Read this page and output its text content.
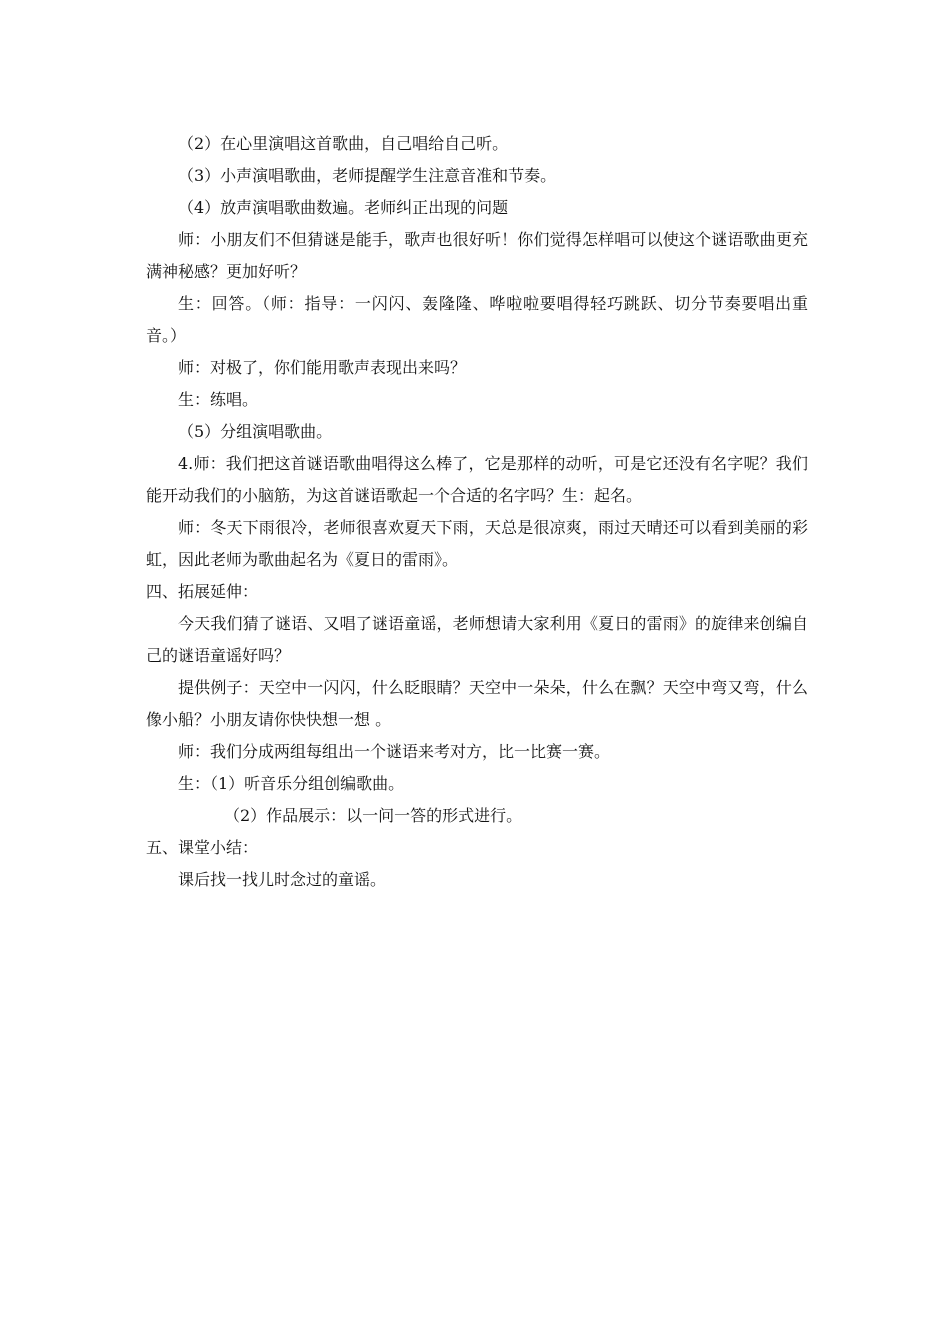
（2）在心里演唱这首歌曲，自己唱给自己听。

（3）小声演唱歌曲，老师提醒学生注意音准和节奏。

（4）放声演唱歌曲数遍。老师纠正出现的问题

师：小朋友们不但猜谜是能手，歌声也很好听！你们觉得怎样唱可以使这个谜语歌曲更充满神秘感？更加好听？

生：回答。（师：指导：一闪闪、轰隆隆、哗啦啦要唱得轻巧跳跃、切分节奏要唱出重音。）

师：对极了，你们能用歌声表现出来吗？

生：练唱。

（5）分组演唱歌曲。

4.师：我们把这首谜语歌曲唱得这么棒了，它是那样的动听，可是它还没有名字呢？我们能开动我们的小脑筋，为这首谜语歌起一个合适的名字吗？生：起名。

师：冬天下雨很冷，老师很喜欢夏天下雨，天总是很凉爽，雨过天晴还可以看到美丽的彩虹，因此老师为歌曲起名为《夏日的雷雨》。

四、拓展延伸：

今天我们猜了谜语、又唱了谜语童谣，老师想请大家利用《夏日的雷雨》的旋律来创编自己的谜语童谣好吗？

提供例子：天空中一闪闪，什么眨眼睛？天空中一朵朵，什么在飘？天空中弯又弯，什么像小船？小朋友请你快快想一想 。

师：我们分成两组每组出一个谜语来考对方，比一比赛一赛。

生：（1）听音乐分组创编歌曲。

（2）作品展示：以一问一答的形式进行。

五、课堂小结：

课后找一找儿时念过的童谣。
